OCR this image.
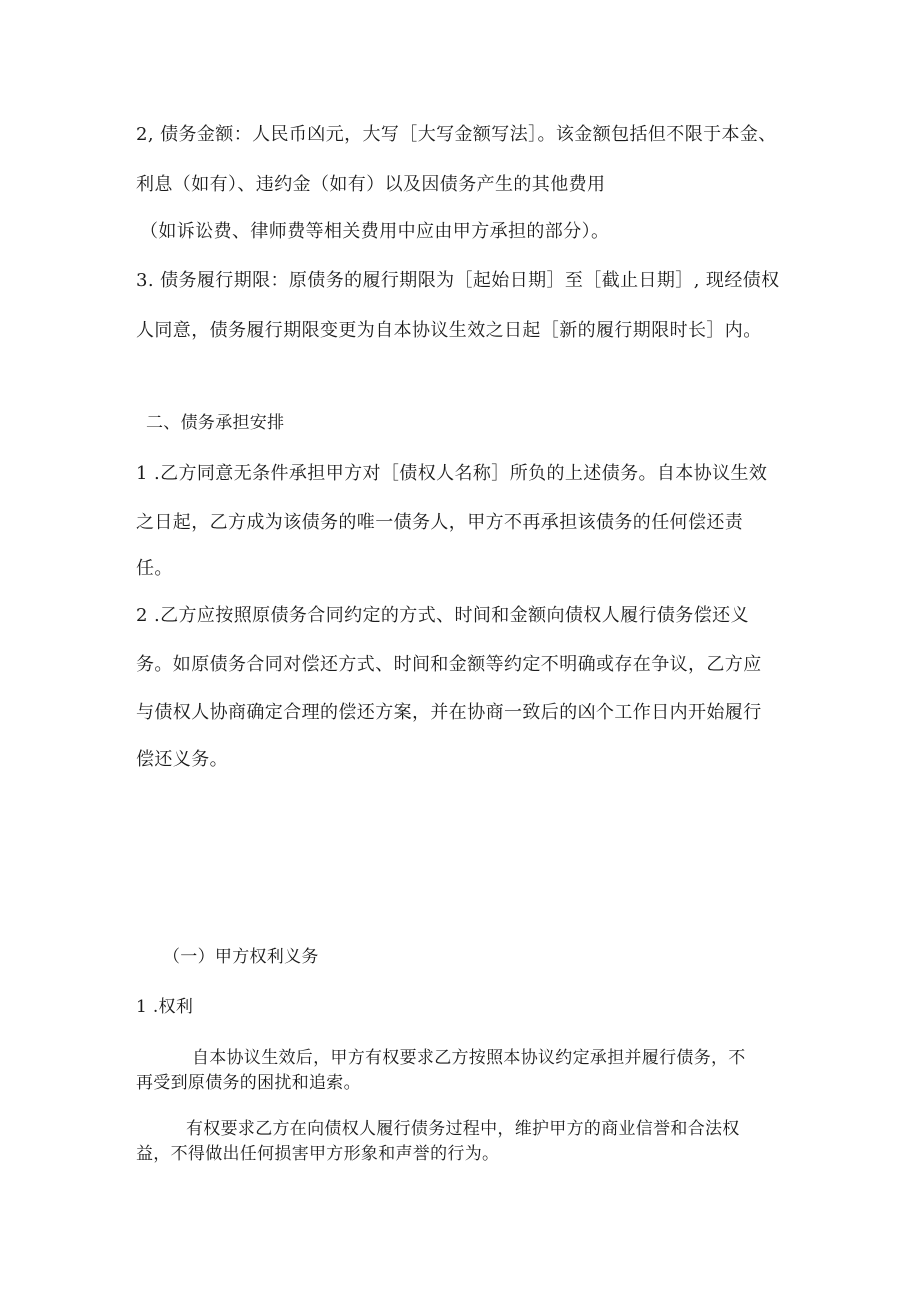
2, 债务金额：人民币凶元，大写［大写金额写法］。该金额包括但不限于本金、
利息（如有）、违约金（如有）以及因债务产生的其他费用
（如诉讼费、律师费等相关费用中应由甲方承担的部分）。
3. 债务履行期限：原债务的履行期限为［起始日期］至［截止日期］, 现经债权
人同意，债务履行期限变更为自本协议生效之日起［新的履行期限时长］内。
二、债务承担安排
1 .乙方同意无条件承担甲方对［债权人名称］所负的上述债务。自本协议生效
之日起，乙方成为该债务的唯一债务人，甲方不再承担该债务的任何偿还责
任。
2 .乙方应按照原债务合同约定的方式、时间和金额向债权人履行债务偿还义
务。如原债务合同对偿还方式、时间和金额等约定不明确或存在争议，乙方应
与债权人协商确定合理的偿还方案，并在协商一致后的凶个工作日内开始履行
偿还义务。
（一）甲方权利义务
1 .权利
自本协议生效后，甲方有权要求乙方按照本协议约定承担并履行债务，不
再受到原债务的困扰和追索。
有权要求乙方在向债权人履行债务过程中，维护甲方的商业信誉和合法权
益，不得做出任何损害甲方形象和声誉的行为。
